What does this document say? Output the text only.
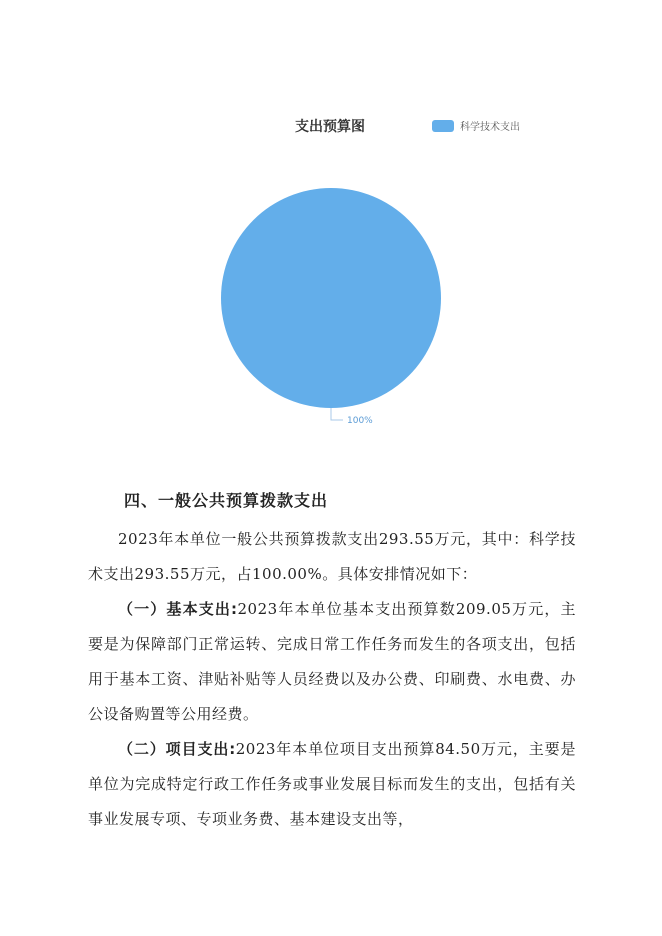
支出预算图	科学技术支出
100%
四、一般公共预算拨款支出

2023年本单位一般公共预算拨款支出293.55万元，其中：科学技术支出293.55万元，占100.00%。具体安排情况如下：

（一）基本支出:2023年本单位基本支出预算数209.05万元，主要是为保障部门正常运转、完成日常工作任务而发生的各项支出，包括用于基本工资、津贴补贴等人员经费以及办公费、印刷费、水电费、办公设备购置等公用经费。

（二）项目支出:2023年本单位项目支出预算84.50万元，主要是单位为完成特定行政工作任务或事业发展目标而发生的支出，包括有关事业发展专项、专项业务费、基本建设支出等，
